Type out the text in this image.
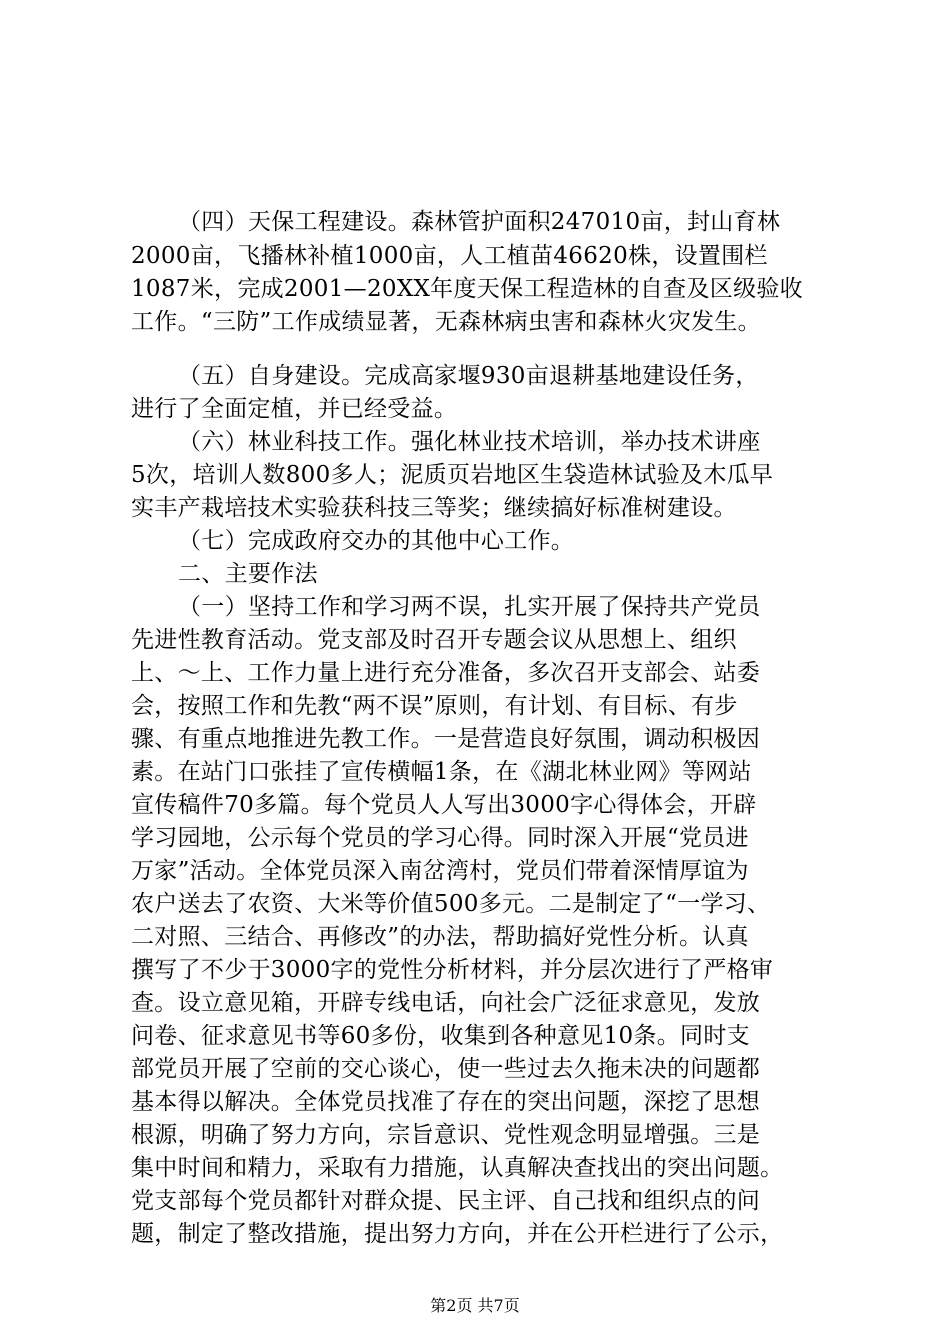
（四）天保工程建设。森林管护面积247010亩，封山育林
2000亩，飞播林补植1000亩，人工植苗46620株，设置围栏
1087米，完成2001—20XX年度天保工程造林的自查及区级验收
工作。“三防”工作成绩显著，无森林病虫害和森林火灾发生。
（五）自身建设。完成高家堰930亩退耕基地建设任务，
进行了全面定植，并已经受益。
（六）林业科技工作。强化林业技术培训，举办技术讲座
5次，培训人数800多人；泥质页岩地区生袋造林试验及木瓜早
实丰产栽培技术实验获科技三等奖；继续搞好标准树建设。
（七）完成政府交办的其他中心工作。
二、主要作法
（一）坚持工作和学习两不误，扎实开展了保持共产党员
先进性教育活动。党支部及时召开专题会议从思想上、组织
上、～上、工作力量上进行充分准备，多次召开支部会、站委
会，按照工作和先教“两不误”原则，有计划、有目标、有步
骤、有重点地推进先教工作。一是营造良好氛围，调动积极因
素。在站门口张挂了宣传横幅1条，在《湖北林业网》等网站
宣传稿件70多篇。每个党员人人写出3000字心得体会，开辟
学习园地，公示每个党员的学习心得。同时深入开展“党员进
万家”活动。全体党员深入南岔湾村，党员们带着深情厚谊为
农户送去了农资、大米等价值500多元。二是制定了“一学习、
二对照、三结合、再修改”的办法，帮助搞好党性分析。认真
撰写了不少于3000字的党性分析材料，并分层次进行了严格审
查。设立意见箱，开辟专线电话，向社会广泛征求意见，发放
问卷、征求意见书等60多份，收集到各种意见10条。同时支
部党员开展了空前的交心谈心，使一些过去久拖未决的问题都
基本得以解决。全体党员找准了存在的突出问题，深挖了思想
根源，明确了努力方向，宗旨意识、党性观念明显增强。三是
集中时间和精力，采取有力措施，认真解决查找出的突出问题。
党支部每个党员都针对群众提、民主评、自己找和组织点的问
题，制定了整改措施，提出努力方向，并在公开栏进行了公示，
第2页 共7页
